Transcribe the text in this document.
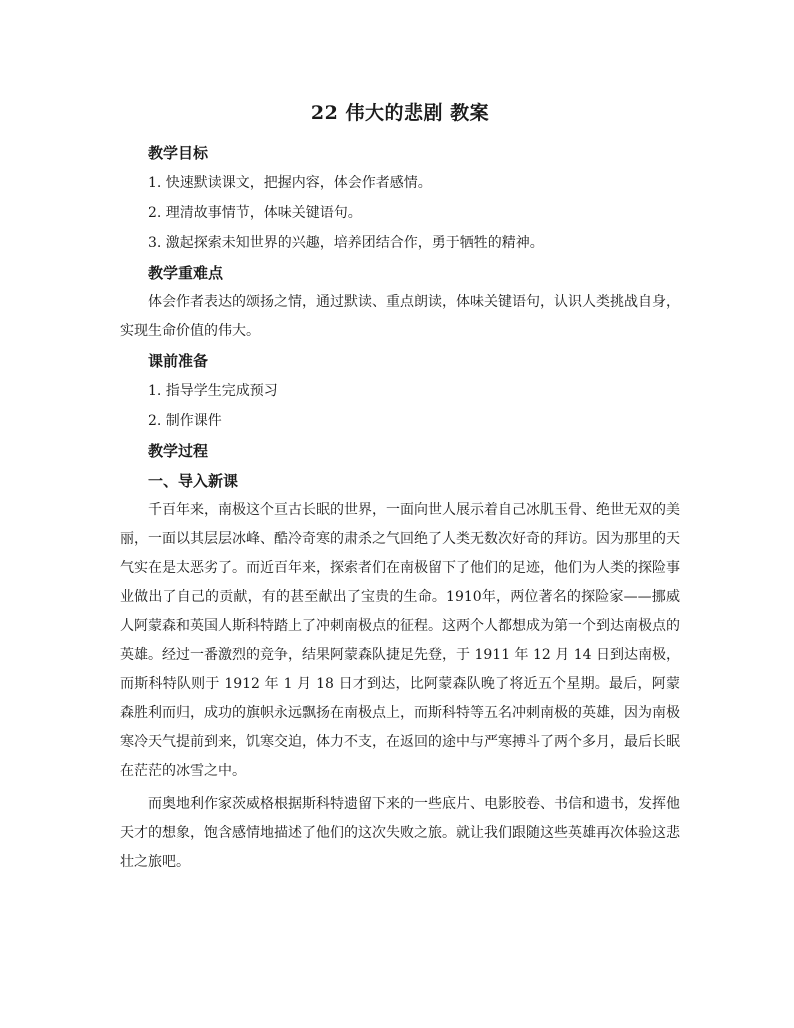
22 伟大的悲剧 教案

教学目标

1. 快速默读课文，把握内容，体会作者感情。

2. 理清故事情节，体味关键语句。

3. 激起探索未知世界的兴趣，培养团结合作，勇于牺牲的精神。

教学重难点

体会作者表达的颂扬之情，通过默读、重点朗读，体味关键语句，认识人类挑战自身，实现生命价值的伟大。

课前准备

1. 指导学生完成预习

2. 制作课件

教学过程

一、导入新课

千百年来，南极这个亘古长眠的世界，一面向世人展示着自己冰肌玉骨、绝世无双的美丽，一面以其层层冰峰、酷冷奇寒的肃杀之气回绝了人类无数次好奇的拜访。因为那里的天气实在是太恶劣了。而近百年来，探索者们在南极留下了他们的足迹，他们为人类的探险事业做出了自己的贡献，有的甚至献出了宝贵的生命。1910年，两位著名的探险家——挪威人阿蒙森和英国人斯科特踏上了冲刺南极点的征程。这两个人都想成为第一个到达南极点的英雄。经过一番激烈的竞争，结果阿蒙森队捷足先登，于 1911 年 12 月 14 日到达南极，而斯科特队则于 1912 年 1 月 18 日才到达，比阿蒙森队晚了将近五个星期。最后，阿蒙森胜利而归，成功的旗帜永远飘扬在南极点上，而斯科特等五名冲刺南极的英雄，因为南极寒冷天气提前到来，饥寒交迫，体力不支，在返回的途中与严寒搏斗了两个多月，最后长眠在茫茫的冰雪之中。

而奥地利作家茨威格根据斯科特遗留下来的一些底片、电影胶卷、书信和遗书，发挥他天才的想象，饱含感情地描述了他们的这次失败之旅。就让我们跟随这些英雄再次体验这悲壮之旅吧。
